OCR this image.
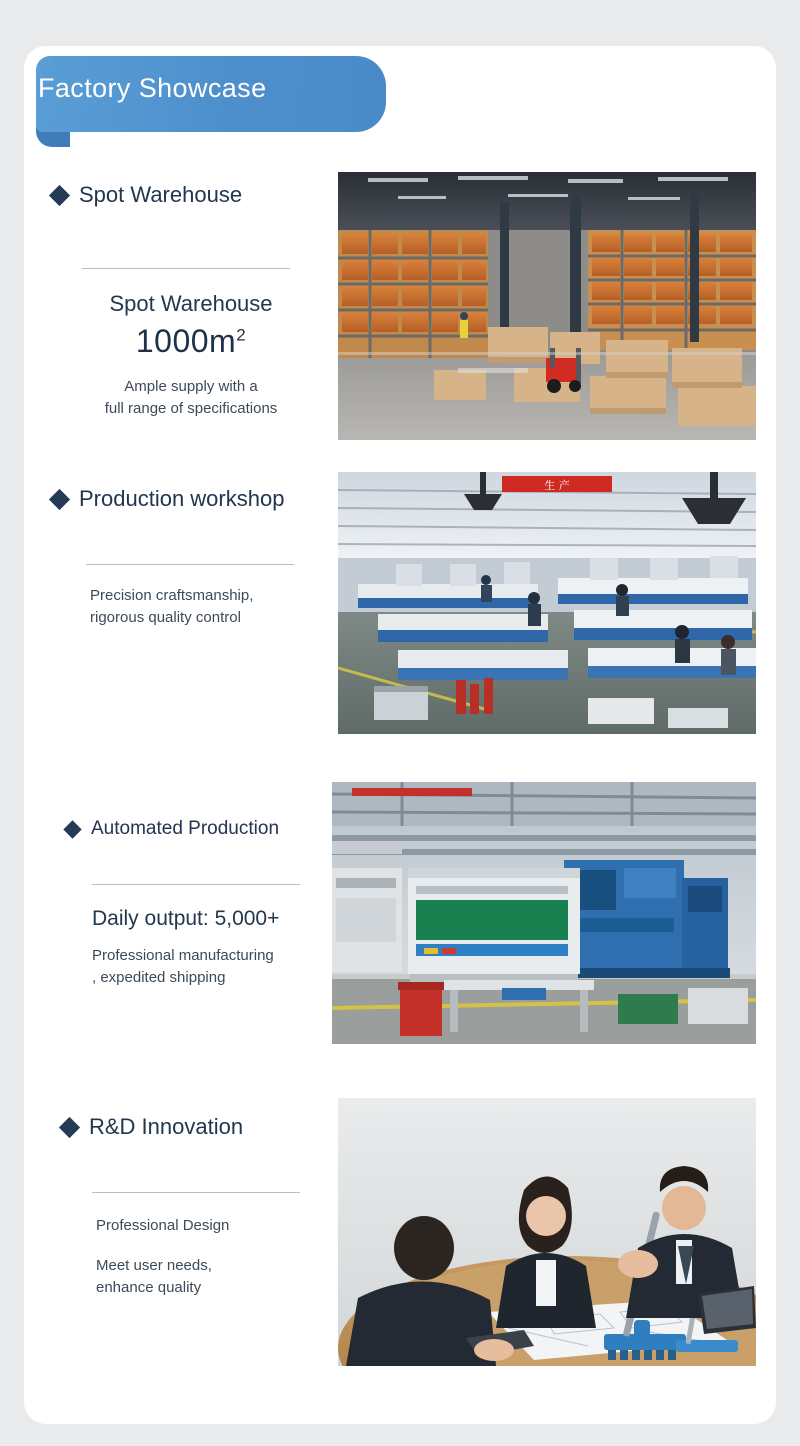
Factory Showcase
Spot Warehouse
Spot Warehouse
$1000m^2$
Ample supply with a
full range of specifications
Production workshop
Precision craftsmanship,
rigorous quality control
生 产
Automated Production
Daily output: 5,000+
Professional manufacturing
, expedited shipping
R&D Innovation
Professional Design
Meet user needs,
enhance quality
